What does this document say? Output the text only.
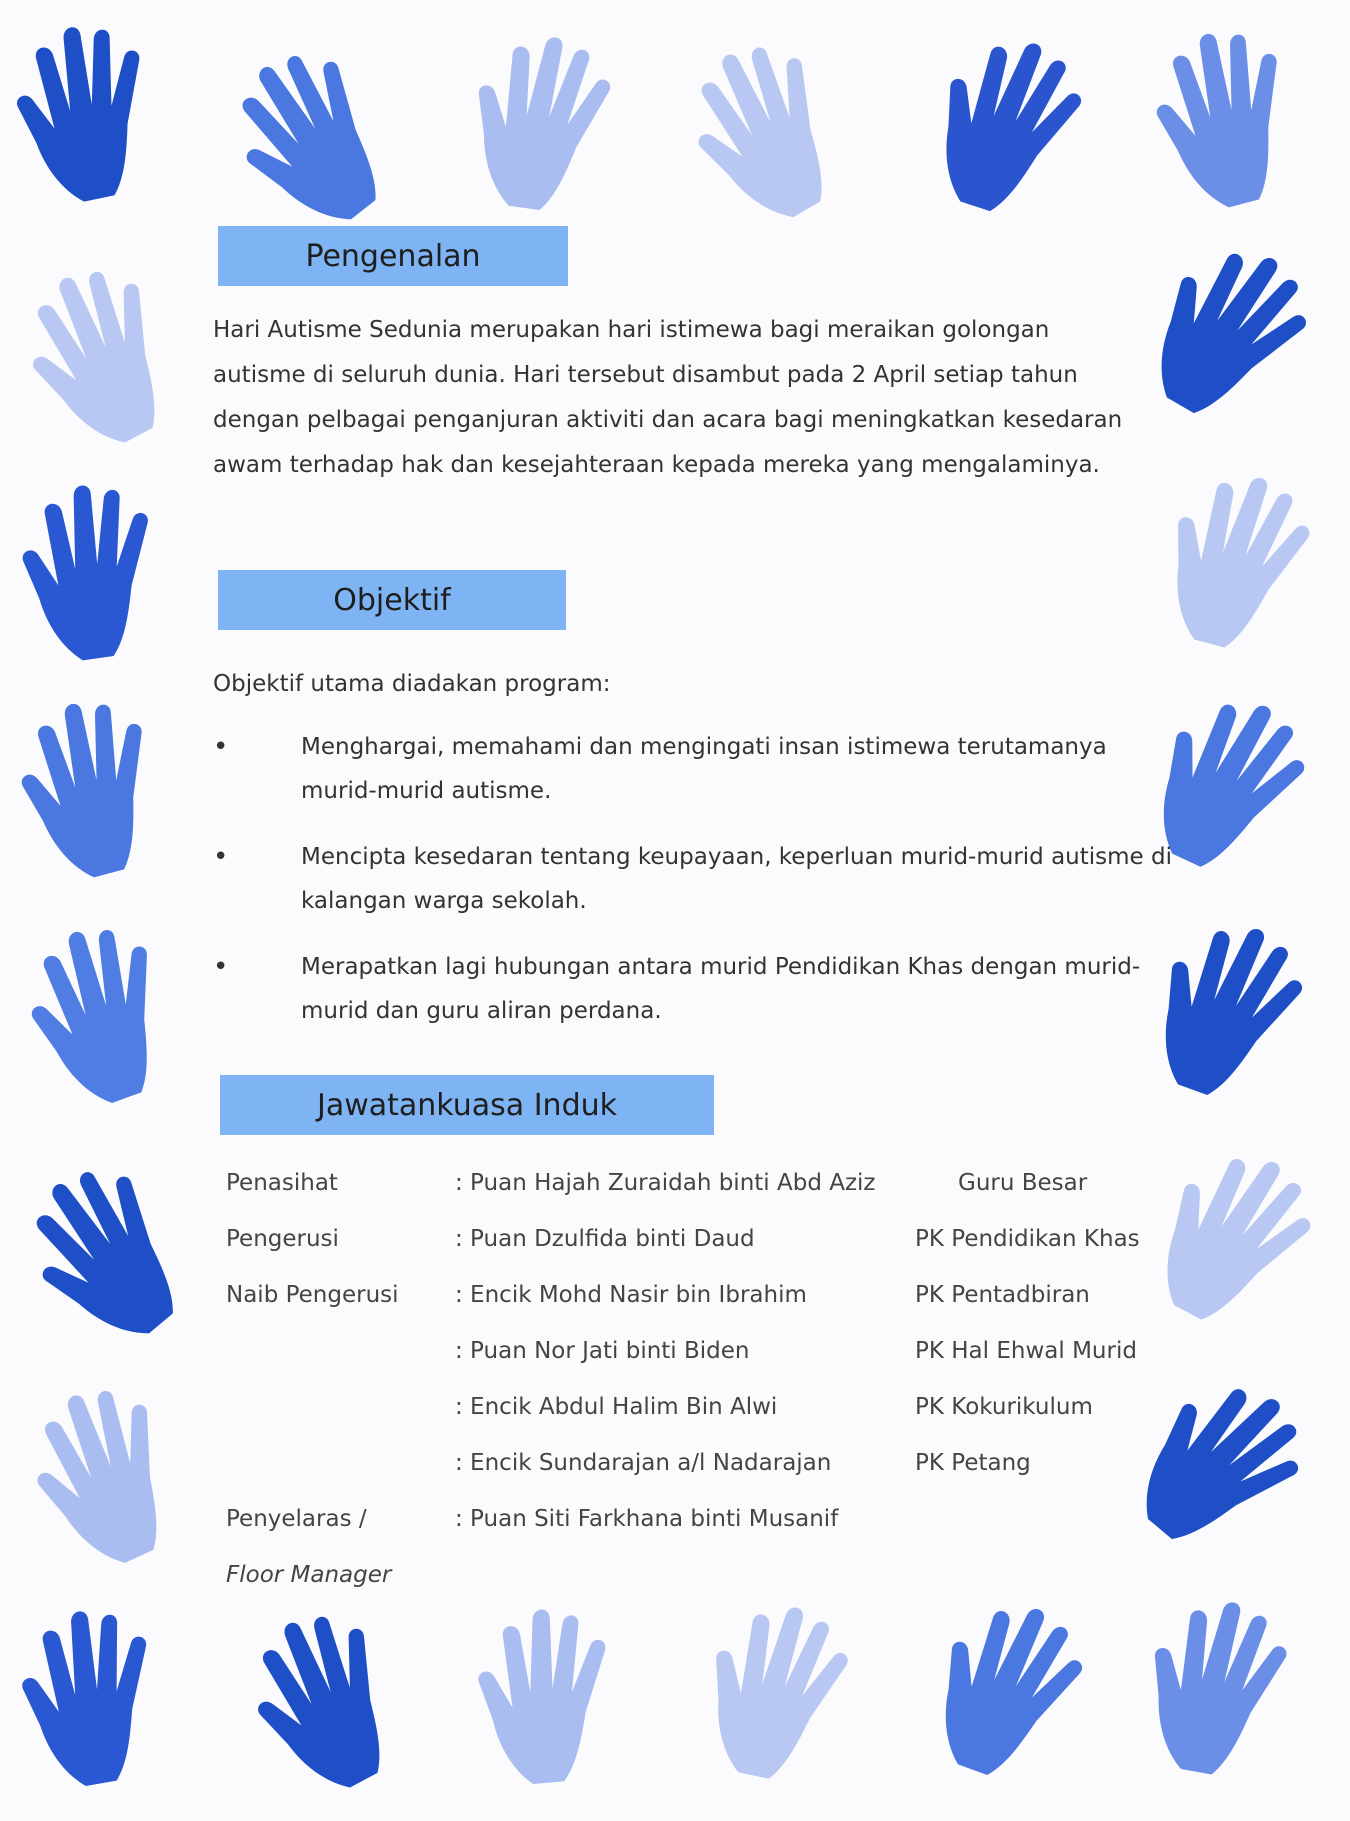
Pengenalan
Hari Autisme Sedunia merupakan hari istimewa bagi meraikan golongan autisme di seluruh dunia. Hari tersebut disambut pada 2 April setiap tahun dengan pelbagai penganjuran aktiviti dan acara bagi meningkatkan kesedaran awam terhadap hak dan kesejahteraan kepada mereka yang mengalaminya.
Objektif
Objektif utama diadakan program:
•	Menghargai, memahami dan mengingati insan istimewa terutamanya murid-murid autisme.
•	Mencipta kesedaran tentang keupayaan, keperluan murid-murid autisme di kalangan warga sekolah.
•	Merapatkan lagi hubungan antara murid Pendidikan Khas dengan murid-murid dan guru aliran perdana.
Jawatankuasa Induk
Penasihat	: Puan Hajah Zuraidah binti Abd Aziz	Guru Besar
Pengerusi	: Puan Dzulfida binti Daud	PK Pendidikan Khas
Naib Pengerusi : Encik Mohd Nasir bin Ibrahim	PK Pentadbiran
: Puan Nor Jati binti Biden	PK Hal Ehwal Murid
: Encik Abdul Halim Bin Alwi	PK Kokurikulum
: Encik Sundarajan a/l Nadarajan	PK Petang
Penyelaras /	: Puan Siti Farkhana binti Musanif
Floor Manager
